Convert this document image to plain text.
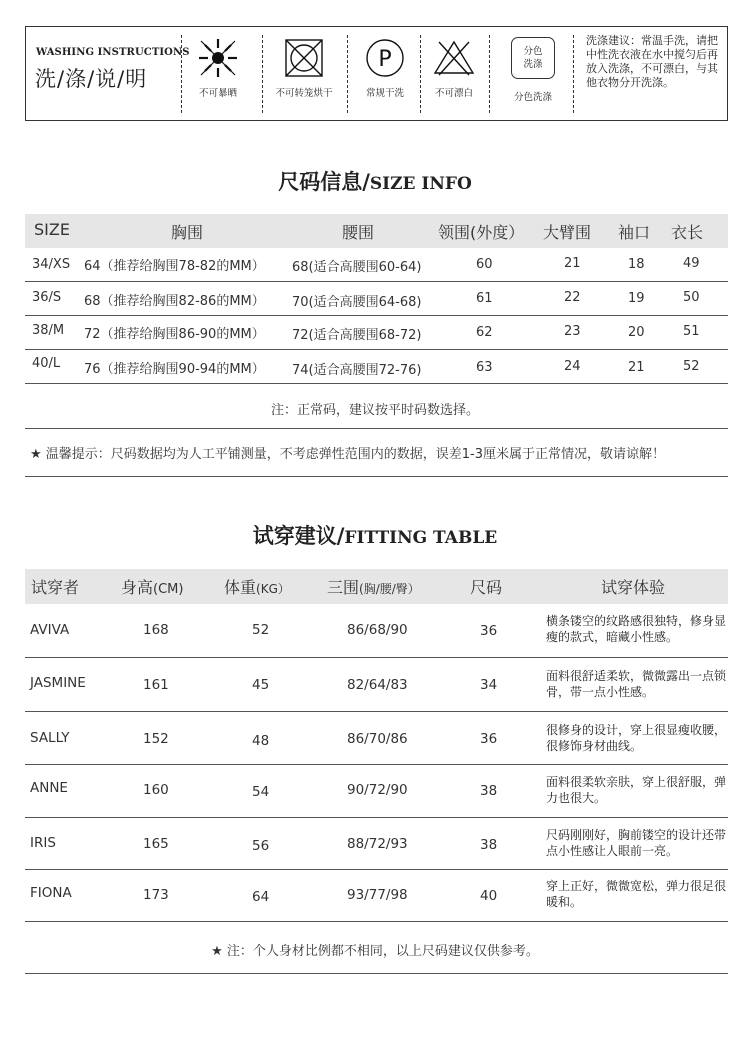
WASHING INSTRUCTIONS
洗/涤/说/明
不可暴晒	不可转笼烘干
P
常规干洗	不可漂白
分色
洗涤
分色洗涤
洗涤建议：常温手洗，请把中性洗衣液在水中搅匀后再放入洗涤，不可漂白，与其他衣物分开洗涤。
尺码信息/SIZE INFO
SIZE	胸围	腰围	领围(外度） 大臂围 袖口 衣长
34/XS 64（推荐给胸围78-82的MM） 68(适合高腰围60-64)	60	21	18	49
36/S 68（推荐给胸围82-86的MM） 70(适合高腰围64-68)	61	22	19	50
38/M 72（推荐给胸围86-90的MM） 72(适合高腰围68-72)	62	23	20	51
40/L 76（推荐给胸围90-94的MM） 74(适合高腰围72-76)	63	24	21	52
注：正常码，建议按平时码数选择。
★ 温馨提示：尺码数据均为人工平铺测量，不考虑弹性范围内的数据，误差1-3厘米属于正常情况，敬请谅解！
试穿建议/FITTING TABLE
试穿者	身高(CM)	体重(KG） 三围(胸/腰/臀）	尺码	试穿体验
AVIVA	168	52	86/68/90	36
横条镂空的纹路感很独特，修身显瘦的款式，暗藏小性感。
JASMINE	161	45	82/64/83	34
面料很舒适柔软，微微露出一点锁骨，带一点小性感。
SALLY	152	48	86/70/86	36
很修身的设计，穿上很显瘦收腰，很修饰身材曲线。
ANNE	160	54	90/72/90	38
面料很柔软亲肤，穿上很舒服，弹力也很大。
IRIS	165	56	88/72/93	38
尺码刚刚好，胸前镂空的设计还带点小性感让人眼前一亮。
FIONA	173	64	93/77/98	40
穿上正好，微微宽松，弹力很足很暖和。
★ 注：个人身材比例都不相同，以上尺码建议仅供参考。
